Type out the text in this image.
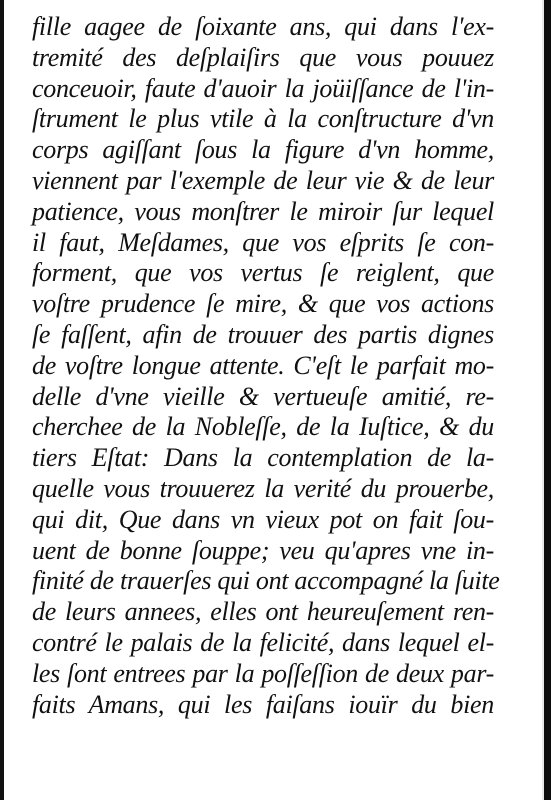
fille aagee de ſoixante ans, qui dans l'ex-
tremité des deſplaiſirs que vous pouuez
conceuoir, faute d'auoir la joüiſſance de l'in-
ſtrument le plus vtile à la conſtructure d'vn
corps agiſſant ſous la figure d'vn homme,
viennent par l'exemple de leur vie & de leur
patience, vous monſtrer le miroir ſur lequel
il faut, Meſdames, que vos eſprits ſe con-
forment, que vos vertus ſe reiglent, que
voſtre prudence ſe mire, & que vos actions
ſe faſſent, afin de trouuer des partis dignes
de voſtre longue attente. C'eſt le parfait mo-
delle d'vne vieille & vertueuſe amitié, re-
cherchee de la Nobleſſe, de la Iuſtice, & du
tiers Eſtat: Dans la contemplation de la-
quelle vous trouuerez la verité du prouerbe,
qui dit, Que dans vn vieux pot on fait ſou-
uent de bonne ſouppe; veu qu'apres vne in-
finité de trauerſes qui ont accompagné la ſuite
de leurs annees, elles ont heureuſement ren-
contré le palais de la felicité, dans lequel el-
les ſont entrees par la poſſeſſion de deux par-
faits Amans, qui les faiſans iouïr du bien
